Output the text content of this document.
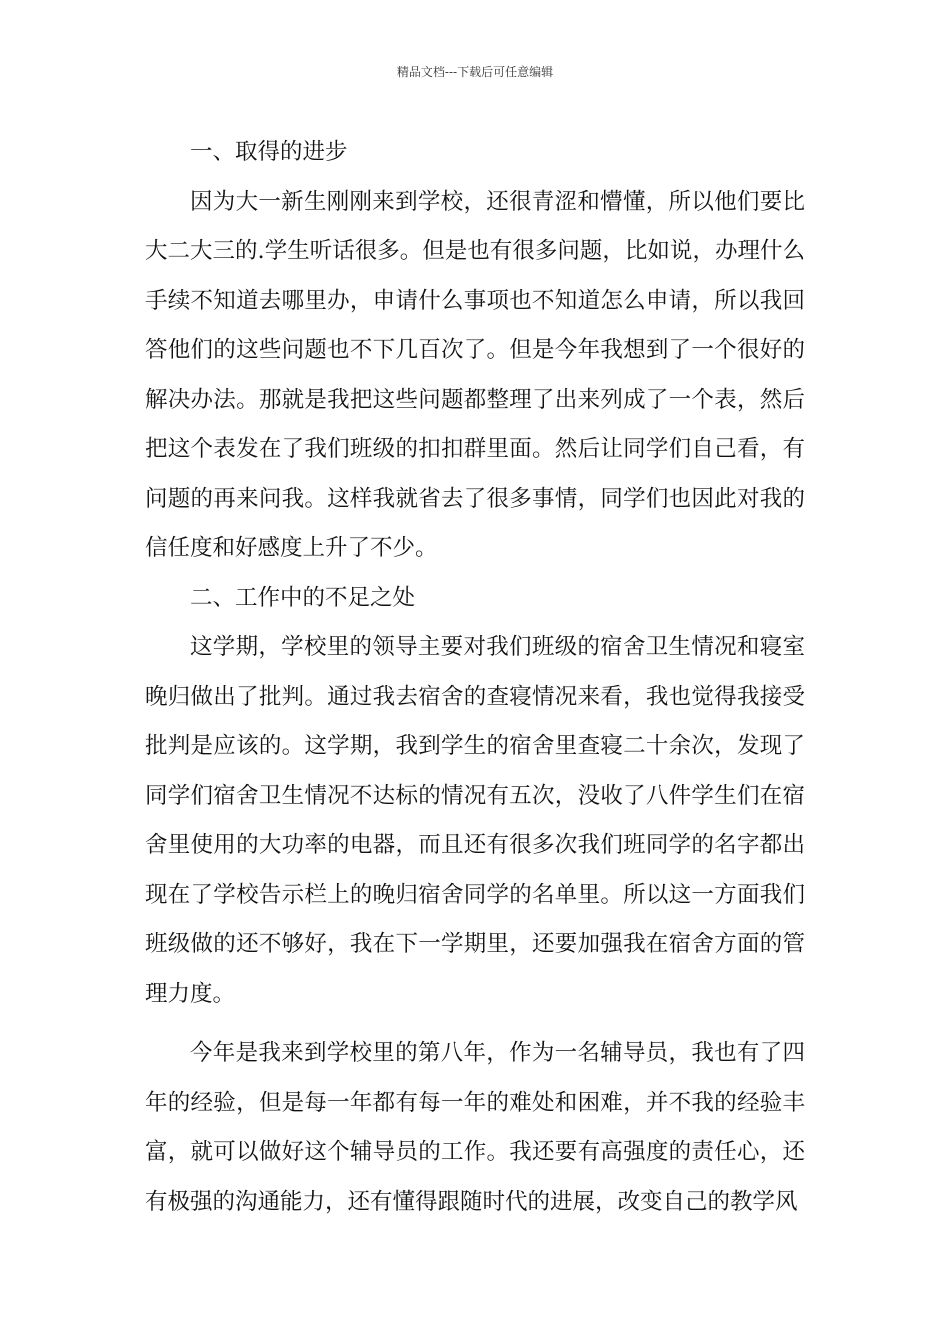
精品文档---下载后可任意编辑

一、取得的进步

因为大一新生刚刚来到学校，还很青涩和懵懂，所以他们要比大二大三的.学生听话很多。但是也有很多问题，比如说，办理什么手续不知道去哪里办，申请什么事项也不知道怎么申请，所以我回答他们的这些问题也不下几百次了。但是今年我想到了一个很好的解决办法。那就是我把这些问题都整理了出来列成了一个表，然后把这个表发在了我们班级的扣扣群里面。然后让同学们自己看，有问题的再来问我。这样我就省去了很多事情，同学们也因此对我的信任度和好感度上升了不少。

二、工作中的不足之处

这学期，学校里的领导主要对我们班级的宿舍卫生情况和寝室晚归做出了批判。通过我去宿舍的查寝情况来看，我也觉得我接受批判是应该的。这学期，我到学生的宿舍里查寝二十余次，发现了同学们宿舍卫生情况不达标的情况有五次，没收了八件学生们在宿舍里使用的大功率的电器，而且还有很多次我们班同学的名字都出现在了学校告示栏上的晚归宿舍同学的名单里。所以这一方面我们班级做的还不够好，我在下一学期里，还要加强我在宿舍方面的管理力度。

今年是我来到学校里的第八年，作为一名辅导员，我也有了四年的经验，但是每一年都有每一年的难处和困难，并不我的经验丰富，就可以做好这个辅导员的工作。我还要有高强度的责任心，还有极强的沟通能力，还有懂得跟随时代的进展，改变自己的教学风
